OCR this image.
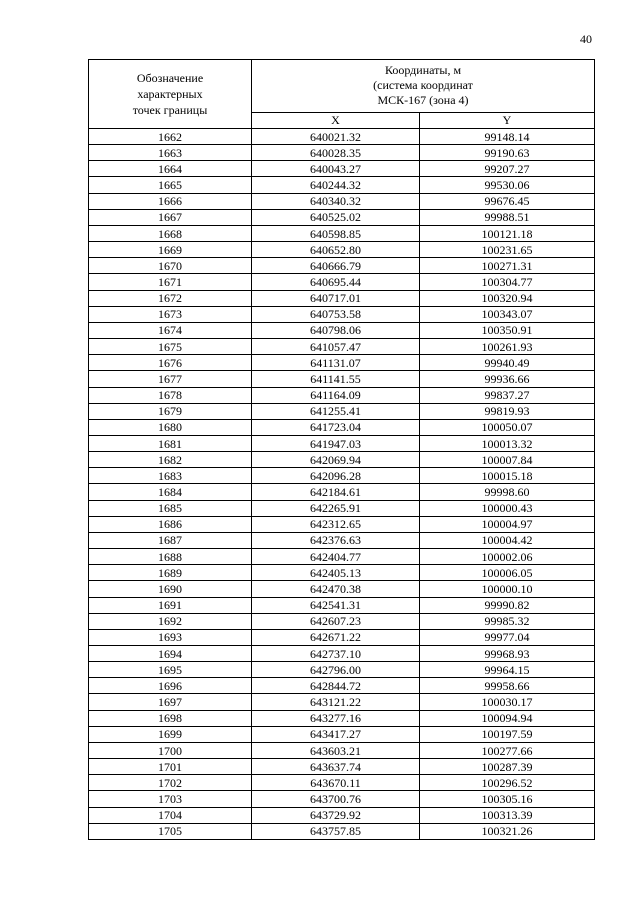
40
Обозначение
характерных
точек границы	Координаты, м
(система координат
МСК-167 (зона 4)	
	X	Y
1662	640021.32	99148.14
1663	640028.35	99190.63
1664	640043.27	99207.27
1665	640244.32	99530.06
1666	640340.32	99676.45
1667	640525.02	99988.51
1668	640598.85	100121.18
1669	640652.80	100231.65
1670	640666.79	100271.31
1671	640695.44	100304.77
1672	640717.01	100320.94
1673	640753.58	100343.07
1674	640798.06	100350.91
1675	641057.47	100261.93
1676	641131.07	99940.49
1677	641141.55	99936.66
1678	641164.09	99837.27
1679	641255.41	99819.93
1680	641723.04	100050.07
1681	641947.03	100013.32
1682	642069.94	100007.84
1683	642096.28	100015.18
1684	642184.61	99998.60
1685	642265.91	100000.43
1686	642312.65	100004.97
1687	642376.63	100004.42
1688	642404.77	100002.06
1689	642405.13	100006.05
1690	642470.38	100000.10
1691	642541.31	99990.82
1692	642607.23	99985.32
1693	642671.22	99977.04
1694	642737.10	99968.93
1695	642796.00	99964.15
1696	642844.72	99958.66
1697	643121.22	100030.17
1698	643277.16	100094.94
1699	643417.27	100197.59
1700	643603.21	100277.66
1701	643637.74	100287.39
1702	643670.11	100296.52
1703	643700.76	100305.16
1704	643729.92	100313.39
1705	643757.85	100321.26
